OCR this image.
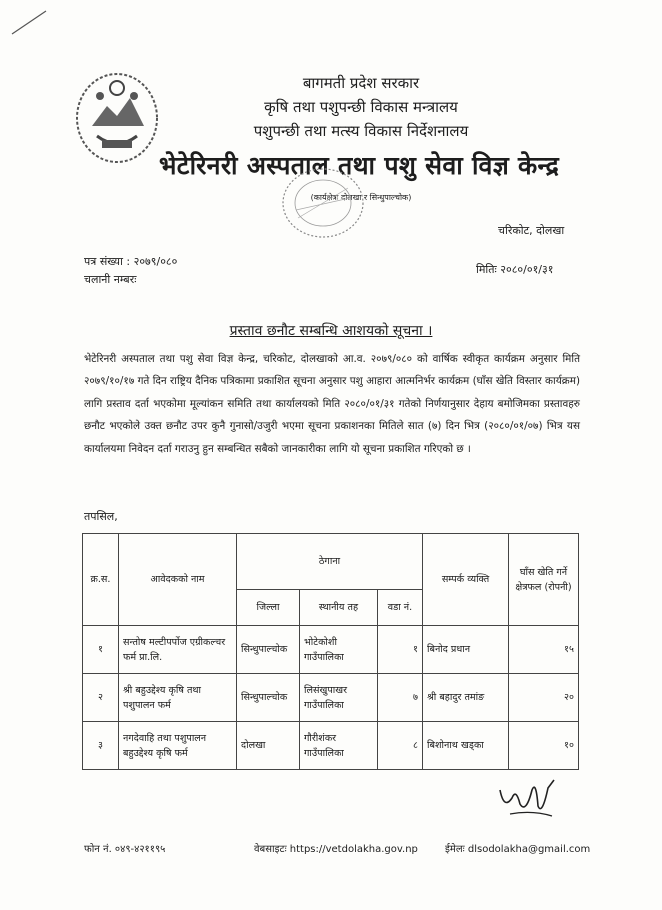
बागमती प्रदेश सरकार
कृषि तथा पशुपन्छी विकास मन्त्रालय
पशुपन्छी तथा मत्स्य विकास निर्देशनालय
भेटेरिनरी अस्पताल तथा पशु सेवा विज्ञ केन्द्र
(कार्यक्षेत्रः दोलखा र सिन्धुपाल्चोक)
चरिकोट, दोलखा
पत्र संख्या : २०७९/०८०
चलानी नम्बरः
मितिः २०८०/०१/३१
प्रस्ताव छनौट सम्बन्धि आशयको सूचना ।
भेटेरिनरी अस्पताल तथा पशु सेवा विज्ञ केन्द्र, चरिकोट, दोलखाको आ.व. २०७९/०८० को वार्षिक स्वीकृत कार्यक्रम अनुसार मिति २०७९/१०/१७ गते दिन राष्ट्रिय दैनिक पत्रिकामा प्रकाशित सूचना अनुसार पशु आहारा आत्मनिर्भर कार्यक्रम (घाँस खेति विस्तार कार्यक्रम) लागि प्रस्ताव दर्ता भएकोमा मूल्यांकन समिति तथा कार्यालयको मिति २०८०/०१/३१ गतेको निर्णयानुसार देहाय बमोजिमका प्रस्तावहरु छनौट भएकोले उक्त छनौट उपर कुनै गुनासो/उजुरी भएमा सूचना प्रकाशनका मितिले सात (७) दिन भित्र (२०८०/०१/०७) भित्र यस कार्यालयमा निवेदन दर्ता गराउनु हुन सम्बन्धित सबैको जानकारीका लागि यो सूचना प्रकाशित गरिएको छ ।
तपसिल,
क्र.स.	आवेदकको नाम	ठेगाना			सम्पर्क व्यक्ति	घाँस खेति गर्ने क्षेत्रफल (रोपनी)
		जिल्ला	स्थानीय तह	वडा नं.		
१	सन्तोष मल्टीपर्पोज एग्रीकल्चर फर्म प्रा.लि.	सिन्धुपाल्चोक	भोटेकोशी गाउँपालिका	१	बिनोद प्रधान	१५
२	श्री बहुउद्देश्य कृषि तथा पशुपालन फर्म	सिन्धुपाल्चोक	लिसंखुपाखर गाउँपालिका	७	श्री बहादुर तमांङ	२०
३	नगदेवाहि तथा पशुपालन बहुउद्देश्य कृषि फर्म	दोलखा	गौरीशंकर गाउँपालिका	८	बिशोनाथ खड्का	१०
फोन नं. ०४९-४२११९५	वेबसाइटः https://vetdolakha.gov.np	ईमेलः dlsodolakha@gmail.com
